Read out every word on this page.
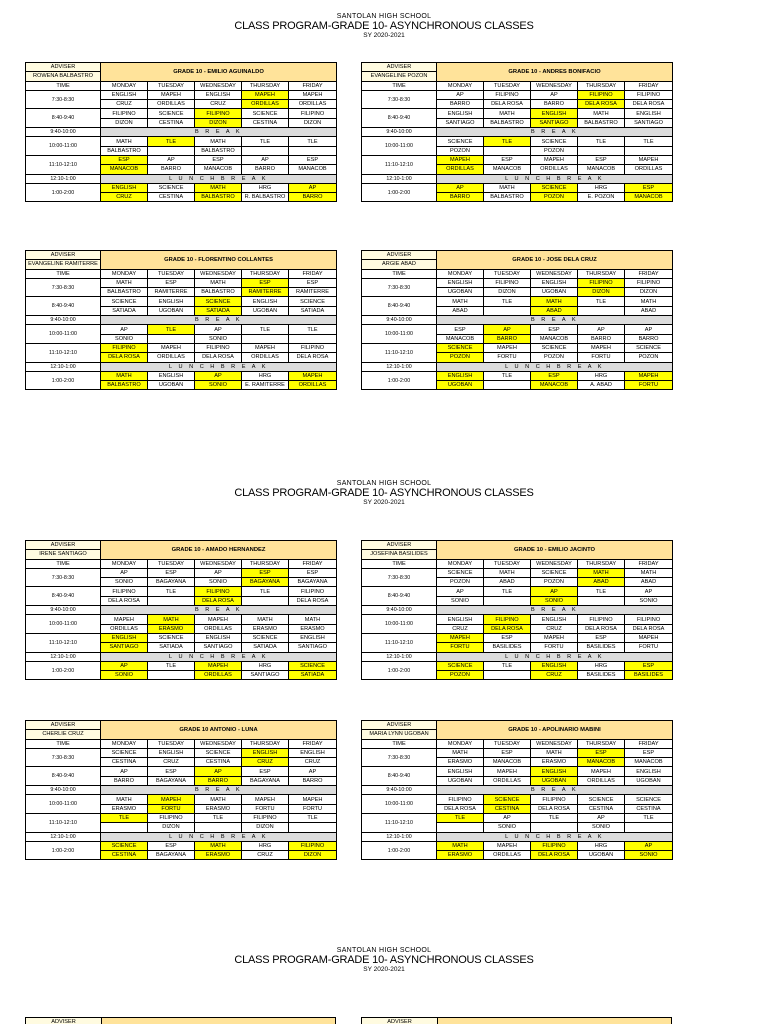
SANTOLAN HIGH SCHOOL
CLASS PROGRAM-GRADE 10- ASYNCHRONOUS CLASSES
SY 2020-2021
SANTOLAN HIGH SCHOOL
CLASS PROGRAM-GRADE 10- ASYNCHRONOUS CLASSES
SY 2020-2021
SANTOLAN HIGH SCHOOL
CLASS PROGRAM-GRADE 10- ASYNCHRONOUS CLASSES
SY 2020-2021
ADVISER	GRADE 10 - EMILIO AGUINALDO				
ROWENA BALBASTRO					
TIME	MONDAY	TUESDAY	WEDNESDAY	THURSDAY	FRIDAY
7:30-8:30	ENGLISH	MAPEH	ENGLISH	MAPEH	MAPEH
	CRUZ	ORDILLAS	CRUZ	ORDILLAS	ORDILLAS
8:40-9:40	FILIPINO	SCIENCE	FILIPINO	SCIENCE	FILIPINO
	DIZON	CESTINA	DIZON	CESTINA	DIZON
9:40-10:00	B R E A K				
10:00-11:00	MATH	TLE	MATH	TLE	TLE
	BALBASTRO		BALBASTRO		
11:10-12:10	ESP	AP	ESP	AP	ESP
	MANACOB	BARRO	MANACOB	BARRO	MANACOB
12:10-1:00	L U N C H B R E A K				
1:00-2:00	ENGLISH	SCIENCE	MATH	HRG	AP
	CRUZ	CESTINA	BALBASTRO	R. BALBASTRO	BARRO
ADVISER	GRADE 10 - ANDRES BONIFACIO				
EVANGELINE POZON					
TIME	MONDAY	TUESDAY	WEDNESDAY	THURSDAY	FRIDAY
7:30-8:30	AP	FILIPINO	AP	FILIPINO	FILIPINO
	BARRO	DELA ROSA	BARRO	DELA ROSA	DELA ROSA
8:40-9:40	ENGLISH	MATH	ENGLISH	MATH	ENGLISH
	SANTIAGO	BALBASTRO	SANTIAGO	BALBASTRO	SANTIAGO
9:40-10:00	B R E A K				
10:00-11:00	SCIENCE	TLE	SCIENCE	TLE	TLE
	POZON		POZON		
11:10-12:10	MAPEH	ESP	MAPEH	ESP	MAPEH
	ORDILLAS	MANACOB	ORDILLAS	MANACOB	ORDILLAS
12:10-1:00	L U N C H B R E A K				
1:00-2:00	AP	MATH	SCIENCE	HRG	ESP
	BARRO	BALBASTRO	POZON	E. POZON	MANACOB
ADVISER	GRADE 10 - FLORENTINO COLLANTES				
EVANGELINE RAMITERRE					
TIME	MONDAY	TUESDAY	WEDNESDAY	THURSDAY	FRIDAY
7:30-8:30	MATH	ESP	MATH	ESP	ESP
	BALBASTRO	RAMITERRE	BALBASTRO	RAMITERRE	RAMITERRE
8:40-9:40	SCIENCE	ENGLISH	SCIENCE	ENGLISH	SCIENCE
	SATIADA	UGOBAN	SATIADA	UGOBAN	SATIADA
9:40-10:00	B R E A K				
10:00-11:00	AP	TLE	AP	TLE	TLE
	SONIO		SONIO		
11:10-12:10	FILIPINO	MAPEH	FILIPINO	MAPEH	FILIPINO
	DELA ROSA	ORDILLAS	DELA ROSA	ORDILLAS	DELA ROSA
12:10-1:00	L U N C H B R E A K				
1:00-2:00	MATH	ENGLISH	AP	HRG	MAPEH
	BALBASTRO	UGOBAN	SONIO	E. RAMITERRE	ORDILLAS
ADVISER	GRADE 10 - JOSE DELA CRUZ				
ARGIE ABAD					
TIME	MONDAY	TUESDAY	WEDNESDAY	THURSDAY	FRIDAY
7:30-8:30	ENGLISH	FILIPINO	ENGLISH	FILIPINO	FILIPINO
	UGOBAN	DIZON	UGOBAN	DIZON	DIZON
8:40-9:40	MATH	TLE	MATH	TLE	MATH
	ABAD		ABAD		ABAD
9:40-10:00	B R E A K				
10:00-11:00	ESP	AP	ESP	AP	AP
	MANACOB	BARRO	MANACOB	BARRO	BARRO
11:10-12:10	SCIENCE	MAPEH	SCIENCE	MAPEH	SCIENCE
	POZON	FORTU	POZON	FORTU	POZON
12:10-1:00	L U N C H B R E A K				
1:00-2:00	ENGLISH	TLE	ESP	HRG	MAPEH
	UGOBAN		MANACOB	A. ABAD	FORTU
ADVISER	GRADE 10 - AMADO HERNANDEZ				
IRENE SANTIAGO					
TIME	MONDAY	TUESDAY	WEDNESDAY	THURSDAY	FRIDAY
7:30-8:30	AP	ESP	AP	ESP	ESP
	SONIO	BAGAYANA	SONIO	BAGAYANA	BAGAYANA
8:40-9:40	FILIPINO	TLE	FILIPINO	TLE	FILIPINO
	DELA ROSA		DELA ROSA		DELA ROSA
9:40-10:00	B R E A K				
10:00-11:00	MAPEH	MATH	MAPEH	MATH	MATH
	ORDILLAS	ERASMO	ORDILLAS	ERASMO	ERASMO
11:10-12:10	ENGLISH	SCIENCE	ENGLISH	SCIENCE	ENGLISH
	SANTIAGO	SATIADA	SANTIAGO	SATIADA	SANTIAGO
12:10-1:00	L U N C H B R E A K				
1:00-2:00	AP	TLE	MAPEH	HRG	SCIENCE
	SONIO		ORDILLAS	SANTIAGO	SATIADA
ADVISER	GRADE 10 - EMILIO JACINTO				
JOSEFINA BASILIDES					
TIME	MONDAY	TUESDAY	WEDNESDAY	THURSDAY	FRIDAY
7:30-8:30	SCIENCE	MATH	SCIENCE	MATH	MATH
	POZON	ABAD	POZON	ABAD	ABAD
8:40-9:40	AP	TLE	AP	TLE	AP
	SONIO		SONIO		SONIO
9:40-10:00	B R E A K				
10:00-11:00	ENGLISH	FILIPINO	ENGLISH	FILIPINO	FILIPINO
	CRUZ	DELA ROSA	CRUZ	DELA ROSA	DELA ROSA
11:10-12:10	MAPEH	ESP	MAPEH	ESP	MAPEH
	FORTU	BASILIDES	FORTU	BASILIDES	FORTU
12:10-1:00	L U N C H B R E A K				
1:00-2:00	SCIENCE	TLE	ENGLISH	HRG	ESP
	POZON		CRUZ	BASILIDES	BASILIDES
ADVISER	GRADE 10 ANTONIO - LUNA				
CHERLIE CRUZ					
TIME	MONDAY	TUESDAY	WEDNESDAY	THURSDAY	FRIDAY
7:30-8:30	SCIENCE	ENGLISH	SCIENCE	ENGLISH	ENGLISH
	CESTINA	CRUZ	CESTINA	CRUZ	CRUZ
8:40-9:40	AP	ESP	AP	ESP	AP
	BARRO	BAGAYANA	BARRO	BAGAYANA	BARRO
9:40-10:00	B R E A K				
10:00-11:00	MATH	MAPEH	MATH	MAPEH	MAPEH
	ERASMO	FORTU	ERASMO	FORTU	FORTU
11:10-12:10	TLE	FILIPINO	TLE	FILIPINO	TLE
		DIZON		DIZON	
12:10-1:00	L U N C H B R E A K				
1:00-2:00	SCIENCE	ESP	MATH	HRG	FILIPINO
	CESTINA	BAGAYANA	ERASMO	CRUZ	DIZON
ADVISER	GRADE 10 - APOLINARIO MABINI				
MARIA LYNN UGOBAN					
TIME	MONDAY	TUESDAY	WEDNESDAY	THURSDAY	FRIDAY
7:30-8:30	MATH	ESP	MATH	ESP	ESP
	ERASMO	MANACOB	ERASMO	MANACOB	MANACOB
8:40-9:40	ENGLISH	MAPEH	ENGLISH	MAPEH	ENGLISH
	UGOBAN	ORDILLAS	UGOBAN	ORDILLAS	UGOBAN
9:40-10:00	B R E A K				
10:00-11:00	FILIPINO	SCIENCE	FILIPINO	SCIENCE	SCIENCE
	DELA ROSA	CESTINA	DELA ROSA	CESTINA	CESTINA
11:10-12:10	TLE	AP	TLE	AP	TLE
		SONIO		SONIO	
12:10-1:00	L U N C H B R E A K				
1:00-2:00	MATH	MAPEH	FILIPINO	HRG	AP
	ERASMO	ORDILLAS	DELA ROSA	UGOBAN	SONIO
ADVISER	ADVISER
